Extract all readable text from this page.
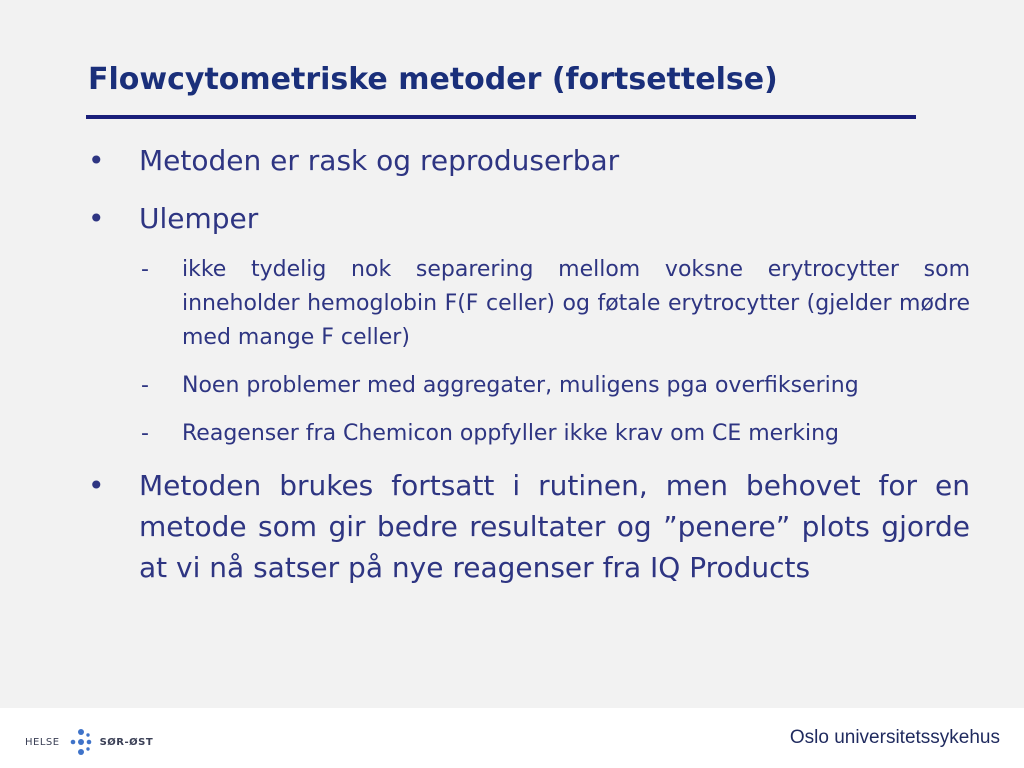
Flowcytometriske metoder (fortsettelse)
•	Metoden er rask og reproduserbar
•	Ulemper
- ikke tydelig nok separering mellom voksne erytrocytter som inneholder hemoglobin F(F celler) og føtale erytrocytter (gjelder mødre med mange F celler)
- Noen problemer med aggregater, muligens pga overfiksering
- Reagenser fra Chemicon oppfyller ikke krav om CE merking
•	Metoden brukes fortsatt i rutinen, men behovet for en metode som gir bedre resultater og ”penere” plots gjorde at vi nå satser på nye reagenser fra IQ Products
HELSE	SØR-ØST	Oslo universitetssykehus
